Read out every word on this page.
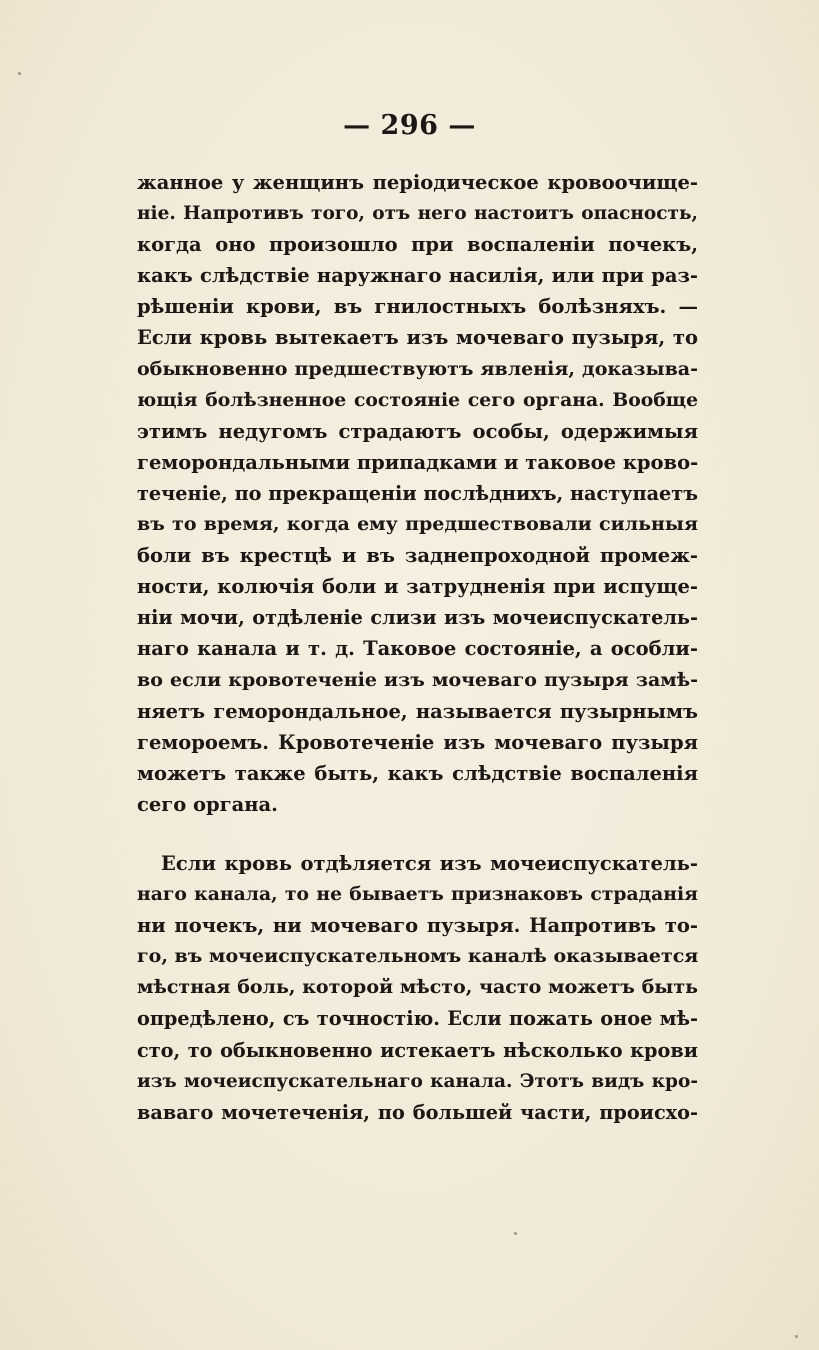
— 296 —
жанное у женщинъ періодическое кровоочище-
ніе. Напротивъ того, отъ него настоитъ опасность,
когда оно произошло при воспаленіи почекъ,
какъ слѣдствіе наружнаго насилія, или при раз-
рѣшеніи крови, въ гнилостныхъ болѣзняхъ. —
Если кровь вытекаетъ изъ мочеваго пузыря, то
обыкновенно предшествуютъ явленія, доказыва-
ющія болѣзненное состояніе сего органа. Вообще
этимъ недугомъ страдаютъ особы, одержимыя
геморондальными припадками и таковое крово-
теченіе, по прекращеніи послѣднихъ, наступаетъ
въ то время, когда ему предшествовали сильныя
боли въ крестцѣ и въ заднепроходной промеж-
ности, колючія боли и затрудненія при испуще-
ніи мочи, отдѣленіе слизи изъ мочеиспускатель-
наго канала и т. д. Таковое состояніе, а особли-
во если кровотеченіе изъ мочеваго пузыря замѣ-
няетъ геморондальное, называется пузырнымъ
гемороемъ. Кровотеченіе изъ мочеваго пузыря
можетъ также быть, какъ слѣдствіе воспаленія
сего органа.
Если кровь отдѣляется изъ мочеиспускатель-
наго канала, то не бываетъ признаковъ страданія
ни почекъ, ни мочеваго пузыря. Напротивъ то-
го, въ мочеиспускательномъ каналѣ оказывается
мѣстная боль, которой мѣсто, часто можетъ быть
опредѣлено, съ точностію. Если пожать оное мѣ-
сто, то обыкновенно истекаетъ нѣсколько крови
изъ мочеиспускательнаго канала. Этотъ видъ кро-
ваваго мочетеченія, по большей части, происхо-
